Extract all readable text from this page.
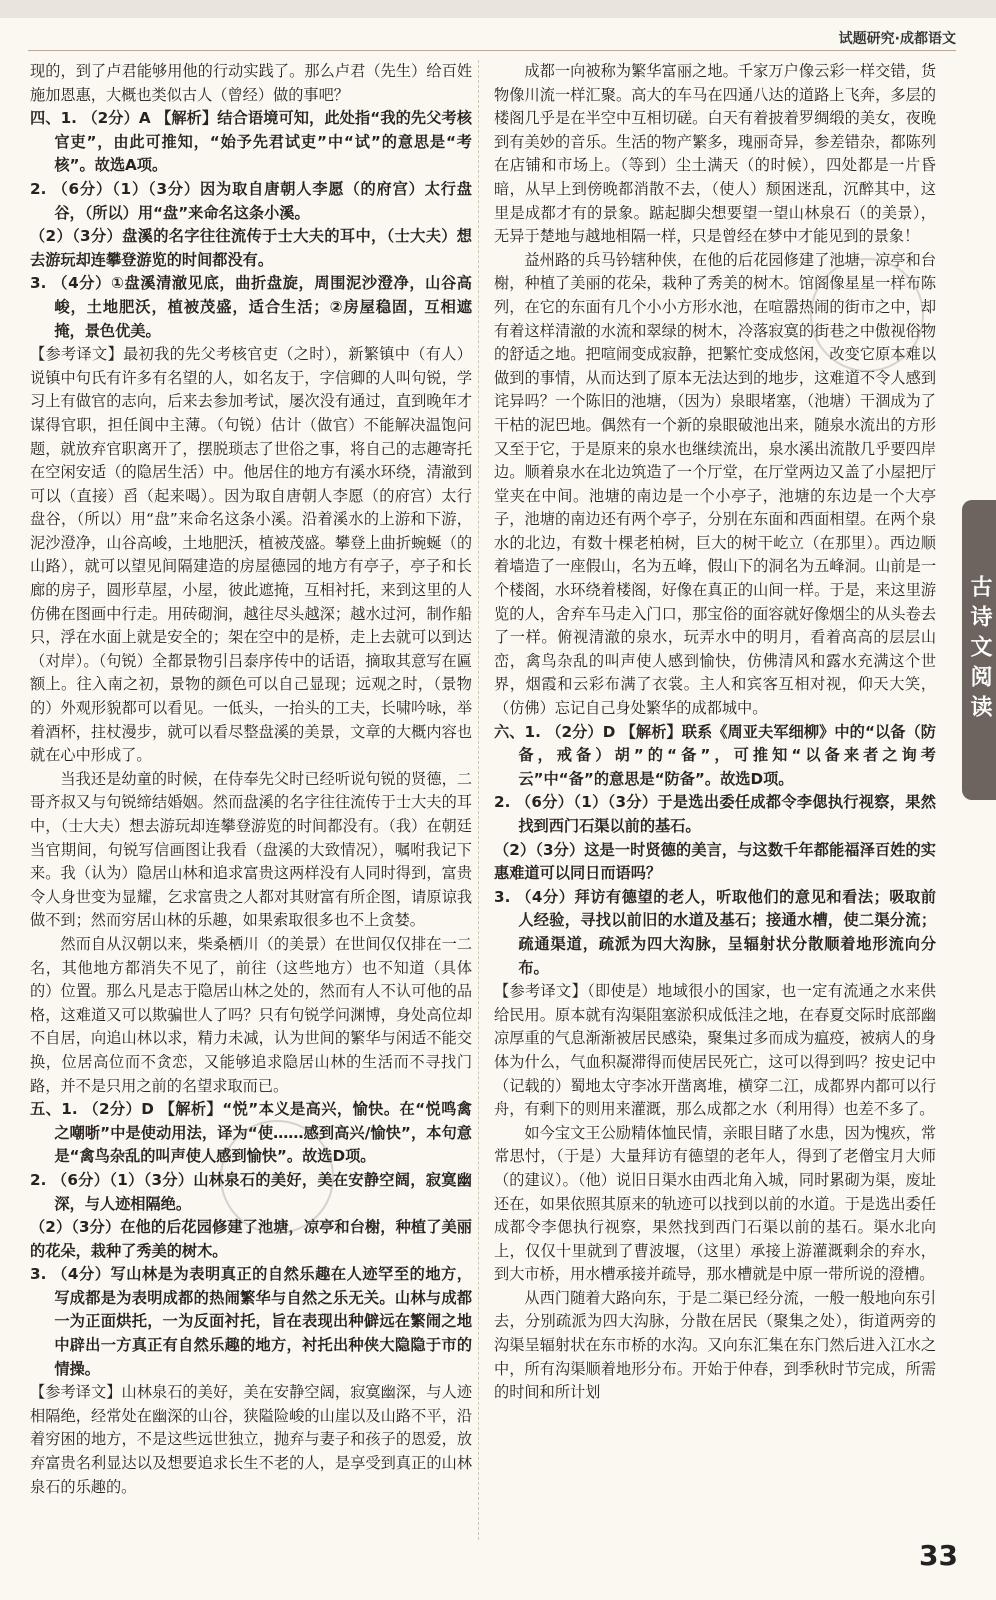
试题研究·成都语文

现的，到了卢君能够用他的行动实践了。那么卢君（先生）给百姓施加恩惠，大概也类似古人（曾经）做的事吧？

四、1. （2分）A 【解析】结合语境可知，此处指“我的先父考核官吏”，由此可推知，“始予先君试吏”中“试”的意思是“考核”。故选A项。

2. （6分）（1）（3分）因为取自唐朝人李愿（的府宫）太行盘谷，（所以）用“盘”来命名这条小溪。

（2）（3分）盘溪的名字往往流传于士大夫的耳中，（士大夫）想去游玩却连攀登游览的时间都没有。

3. （4分）①盘溪清澈见底，曲折盘旋，周围泥沙澄净，山谷高峻，土地肥沃，植被茂盛，适合生活；②房屋稳固，互相遮掩，景色优美。

【参考译文】最初我的先父考核官吏（之时），新繁镇中（有人）说镇中句氏有许多有名望的人，如名友于，字信卿的人叫句锐，学习上有做官的志向，后来去参加考试，屡次没有通过，直到晚年才谋得官职，担任阆中主薄。（句锐）估计（做官）不能解决温饱问题，就放弃官职离开了，摆脱琐志了世俗之事，将自己的志趣寄托在空闲安适（的隐居生活）中。他居住的地方有溪水环绕，清澈到可以（直接）舀（起来喝）。因为取自唐朝人李愿（的府宫）太行盘谷，（所以）用“盘”来命名这条小溪。沿着溪水的上游和下游，泥沙澄净，山谷高峻，土地肥沃，植被茂盛。攀登上曲折蜿蜒（的山路），就可以望见间隔建造的房屋德园的地方有亭子，亭子和长廊的房子，圆形草屋，小屋，彼此遮掩，互相衬托，来到这里的人仿佛在图画中行走。用砖砌涧，越往尽头越深；越水过河，制作船只，浮在水面上就是安全的；架在空中的是桥，走上去就可以到达（对岸）。（句锐）全都景物引吕泰序传中的话语，摘取其意写在匾额上。往入南之初，景物的颜色可以自己显现；远观之时，（景物的）外观形貌都可以看见。一低头，一抬头的工夫，长啸吟咏，举着酒杯，拄杖漫步，就可以看尽整盘溪的美景，文章的大概内容也就在心中形成了。

当我还是幼童的时候，在侍奉先父时已经听说句锐的贤德，二哥齐叔又与句锐缔结婚姻。然而盘溪的名字往往流传于士大夫的耳中，（士大夫）想去游玩却连攀登游览的时间都没有。（我）在朝廷当官期间，句锐写信画图让我看（盘溪的大致情况），嘱咐我记下来。我（认为）隐居山林和追求富贵这两样没有人同时得到，富贵令人身世变为显耀，乞求富贵之人都对其财富有所企图，请原谅我做不到；然而穷居山林的乐趣，如果索取很多也不上贪婪。

然而自从汉朝以来，柴桑栖川（的美景）在世间仅仅排在一二名，其他地方都消失不见了，前往（这些地方）也不知道（具体的）位置。那么凡是志于隐居山林之处的，然而有人不认可他的品格，这难道又可以欺骗世人了吗？只有句锐学问渊博，身处高位却不自居，向追山林以求，精力未减，认为世间的繁华与闲适不能交换，位居高位而不贪恋，又能够追求隐居山林的生活而不寻找门路，并不是只用之前的名望求取而已。

五、1. （2分）D 【解析】“悦”本义是高兴，愉快。在“悦鸣禽之嘲哳”中是使动用法，译为“使……感到高兴/愉快”，本句意是“禽鸟杂乱的叫声使人感到愉快”。故选D项。

2. （6分）（1）（3分）山林泉石的美好，美在安静空阔，寂寞幽深，与人迹相隔绝。

（2）（3分）在他的后花园修建了池塘，凉亭和台榭，种植了美丽的花朵，栽种了秀美的树木。

3. （4分）写山林是为表明真正的自然乐趣在人迹罕至的地方，写成都是为表明成都的热闹繁华与自然之乐无关。山林与成都一为正面烘托，一为反面衬托，旨在表现出种僻远在繁闹之地中辟出一方真正有自然乐趣的地方，衬托出种侠大隐隐于市的情操。

【参考译文】山林泉石的美好，美在安静空阔，寂寞幽深，与人迹相隔绝，经常处在幽深的山谷，狭隘险峻的山崖以及山路不平，沿着穷困的地方，不是这些远世独立，抛弃与妻子和孩子的恩爱，放弃富贵名利显达以及想要追求长生不老的人，是享受到真正的山林泉石的乐趣的。

成都一向被称为繁华富丽之地。千家万户像云彩一样交错，货物像川流一样汇聚。高大的车马在四通八达的道路上飞奔，多层的楼阁几乎是在半空中互相切磋。白天有着披着罗绸缎的美女，夜晚到有美妙的音乐。生活的物产繁多，瑰丽奇异，参差错杂，都陈列在店铺和市场上。（等到）尘土满天（的时候），四处都是一片昏暗，从早上到傍晚都消散不去，（使人）颓困迷乱，沉醉其中，这里是成都才有的景象。踮起脚尖想要望一望山林泉石（的美景），无异于楚地与越地相隔一样，只是曾经在梦中才能见到的景象！

益州路的兵马钤辖种侠，在他的后花园修建了池塘，凉亭和台榭，种植了美丽的花朵，栽种了秀美的树木。馆阁像星星一样布陈列，在它的东面有几个小小方形水池，在喧嚣热闹的街市之中，却有着这样清澈的水流和翠绿的树木，冷落寂寞的街巷之中傲视俗物的舒适之地。把喧闹变成寂静，把繁忙变成悠闲，改变它原本难以做到的事情，从而达到了原本无法达到的地步，这难道不令人感到诧异吗？一个陈旧的池塘，（因为）泉眼堵塞，（池塘）干涸成为了干枯的泥巴地。偶然有一个新的泉眼破池出来，随泉水流出的方形又至于它，于是原来的泉水也继续流出，泉水溪出流散几乎要四岸边。顺着泉水在北边筑造了一个厅堂，在厅堂两边又盖了小屋把厅堂夹在中间。池塘的南边是一个小亭子，池塘的东边是一个大亭子，池塘的南边还有两个亭子，分别在东面和西面相望。在两个泉水的北边，有数十棵老柏树，巨大的树干屹立（在那里）。西边顺着墙造了一座假山，名为五峰，假山下的洞名为五峰洞。山前是一个楼阁，水环绕着楼阁，好像在真正的山间一样。于是，来这里游览的人，舍弃车马走入门口，那宝俗的面容就好像烟尘的从头卷去了一样。俯视清澈的泉水，玩弄水中的明月，看着高高的层层山峦，禽鸟杂乱的叫声使人感到愉快，仿佛清风和露水充满这个世界，烟霞和云彩布满了衣裳。主人和宾客互相对视，仰天大笑，（仿佛）忘记自己身处繁华的成都城中。

六、1. （2分）D 【解析】联系《周亚夫军细柳》中的“以备（防备，戒备）胡”的“备”，可推知“以备来者之询考云”中“备”的意思是“防备”。故选D项。

2. （6分）（1）（3分）于是选出委任成都令李偲执行视察，果然找到西门石渠以前的基石。

（2）（3分）这是一时贤德的美言，与这数千年都能福泽百姓的实惠难道可以同日而语吗？

3. （4分）拜访有德望的老人，听取他们的意见和看法；吸取前人经验，寻找以前旧的水道及基石；接通水槽，使二渠分流；疏通渠道，疏派为四大沟脉，呈辐射状分散顺着地形流向分布。

【参考译文】（即使是）地域很小的国家，也一定有流通之水来供给民用。原本就有沟渠阻塞淤积成低洼之地，在春夏交际时底部幽凉厚重的气息渐渐被居民感染，聚集过多而成为瘟疫，被病人的身体为什么，气血积凝滞得而使居民死亡，这可以得到吗？按史记中（记载的）蜀地太守李冰开凿离堆，横穿二江，成都界内都可以行舟，有剩下的则用来灌溉，那么成都之水（利用得）也差不多了。

如今宝文王公励精体恤民情，亲眼目睹了水患，因为愧疚，常常思忖，（于是）大量拜访有德望的老年人，得到了老僧宝月大师（的建议）。（他）说旧日渠水由西北角入城，同时累砌为渠，废址还在，如果依照其原来的轨迹可以找到以前的水道。于是选出委任成都令李偲执行视察，果然找到西门石渠以前的基石。渠水北向上，仅仅十里就到了曹波堰，（这里）承接上游灌溉剩余的弃水，到大市桥，用水槽承接并疏导，那水槽就是中原一带所说的澄槽。

从西门随着大路向东，于是二渠已经分流，一般一般地向东引去，分别疏派为四大沟脉，分散在居民（聚集之处），街道两旁的沟渠呈辐射状在东市桥的水沟。又向东汇集在东门然后进入江水之中，所有沟渠顺着地形分布。开始于仲春，到季秋时节完成，所需的时间和所计划

古诗文阅读
33
